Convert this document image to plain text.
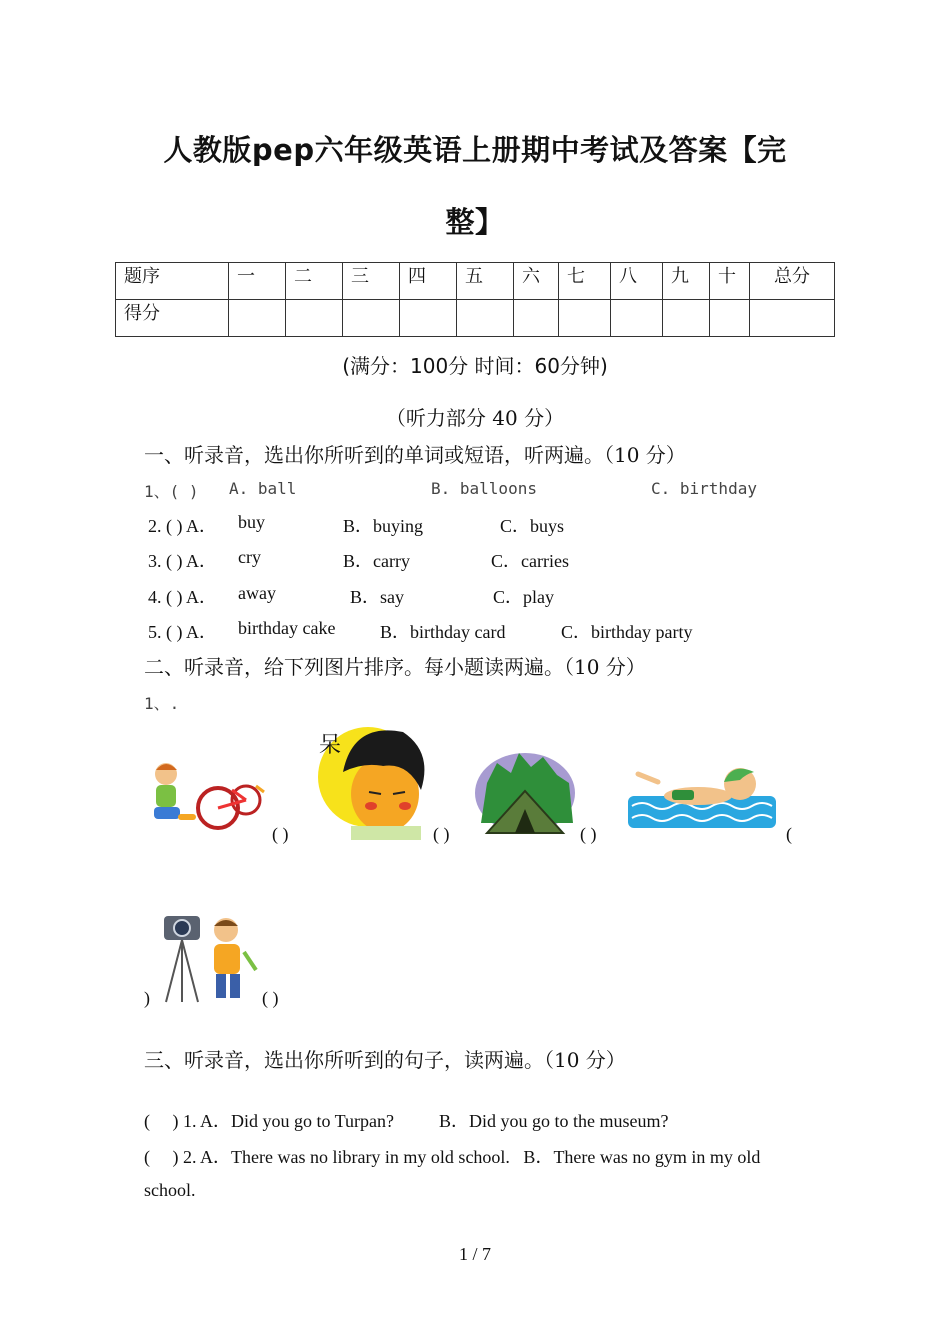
人教版pep六年级英语上册期中考试及答案【完
整】
题序	一	二	三	四	五	六	七	八	九	十	总分
得分											
(满分：100分 时间：60分钟)
（听力部分 40 分）
一、听录音，选出你所听到的单词或短语，听两遍。（10 分）
1、( ) A. ball	B. balloons	C. birthday
2. ( ) A． buy	B．buying	C．buys
3. ( ) A． cry	B．carry	C．carries
4. ( ) A． away	B．say	C．play
5. ( ) A． birthday cake B．birthday card	C．birthday party
二、听录音，给下列图片排序。每小题读两遍。（10 分）
1、.
( )
呆
( )	( )	(
)	( )
三、听录音，选出你所听到的句子，读两遍。（10 分）
(     ) 1. A．Did you go to Turpan?          B．Did you go to the museum?
(     ) 2. A．There was no library in my old school.   B．There was no gym in my old
school.
1 / 7
